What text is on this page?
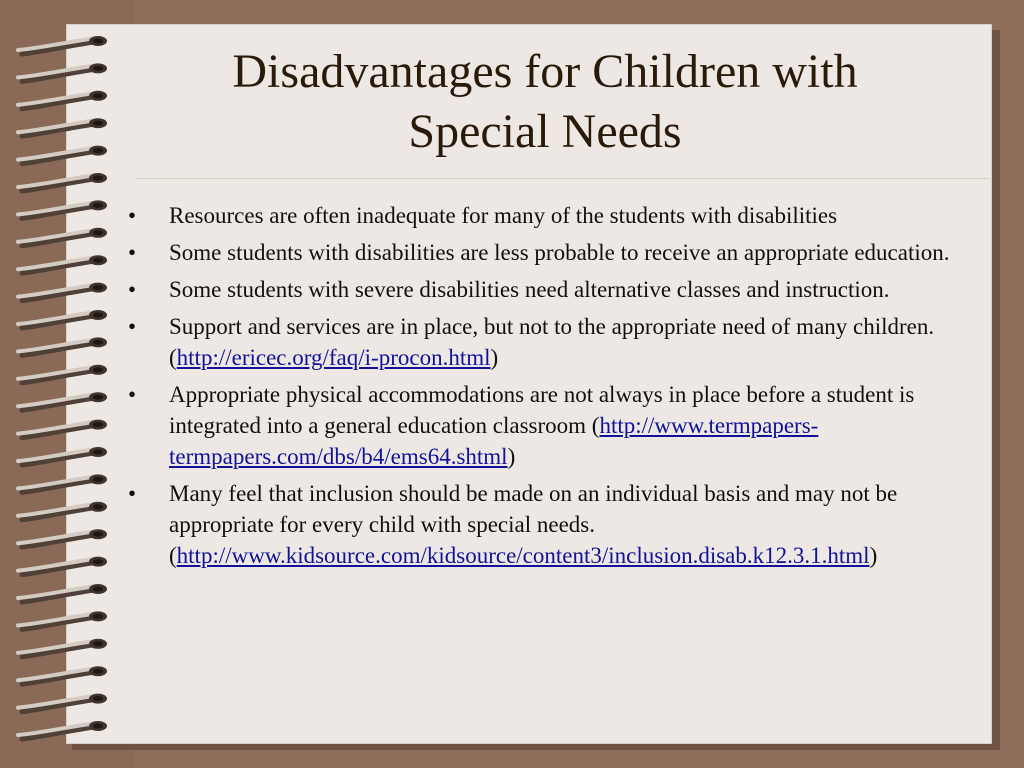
Disadvantages for Children with
Special Needs
• Resources are often inadequate for many of the students with disabilities
• Some students with disabilities are less probable to receive an appropriate education.
• Some students with severe disabilities need alternative classes and instruction.
• Support and services are in place, but not to the appropriate need of many children. (http://ericec.org/faq/i-procon.html)
• Appropriate physical accommodations are not always in place before a student is integrated into a general education classroom (http://www.termpapers-termpapers.com/dbs/b4/ems64.shtml)
• Many feel that inclusion should be made on an individual basis and may not be appropriate for every child with special needs. (http://www.kidsource.com/kidsource/content3/inclusion.disab.k12.3.1.html)
